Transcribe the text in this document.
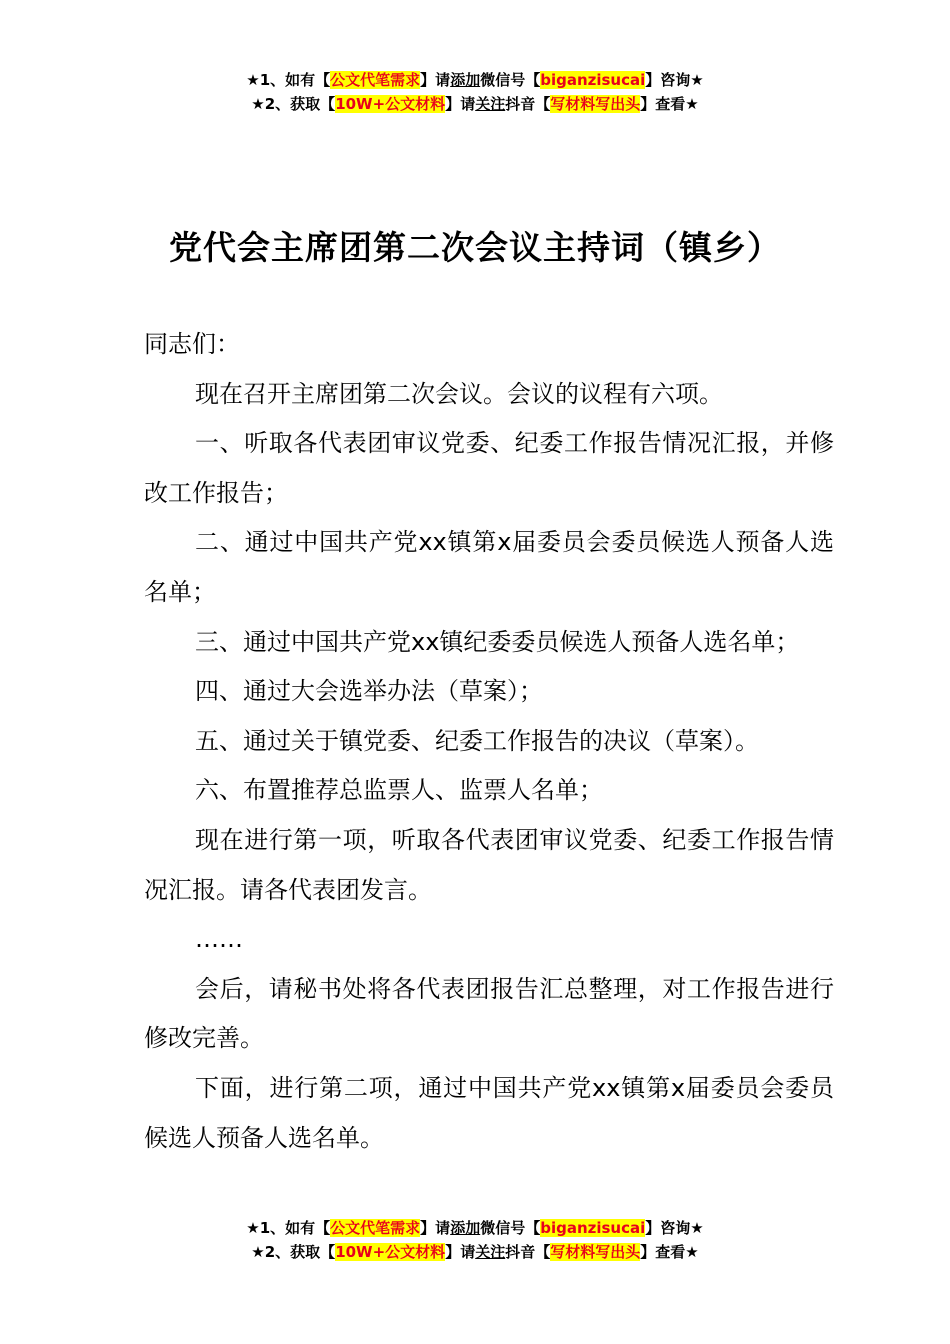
★1、如有【公文代笔需求】请添加微信号【biganzisucai】咨询★
★2、获取【10W+公文材料】请关注抖音【写材料写出头】查看★
党代会主席团第二次会议主持词（镇乡）

同志们：

现在召开主席团第二次会议。会议的议程有六项。

一、听取各代表团审议党委、纪委工作报告情况汇报，并修改工作报告；

二、通过中国共产党xx镇第x届委员会委员候选人预备人选名单；

三、通过中国共产党xx镇纪委委员候选人预备人选名单；

四、通过大会选举办法（草案）；

五、通过关于镇党委、纪委工作报告的决议（草案）。

六、布置推荐总监票人、监票人名单；

现在进行第一项，听取各代表团审议党委、纪委工作报告情况汇报。请各代表团发言。

……

会后，请秘书处将各代表团报告汇总整理，对工作报告进行修改完善。

下面，进行第二项，通过中国共产党xx镇第x届委员会委员候选人预备人选名单。

★1、如有【公文代笔需求】请添加微信号【biganzisucai】咨询★
★2、获取【10W+公文材料】请关注抖音【写材料写出头】查看★
